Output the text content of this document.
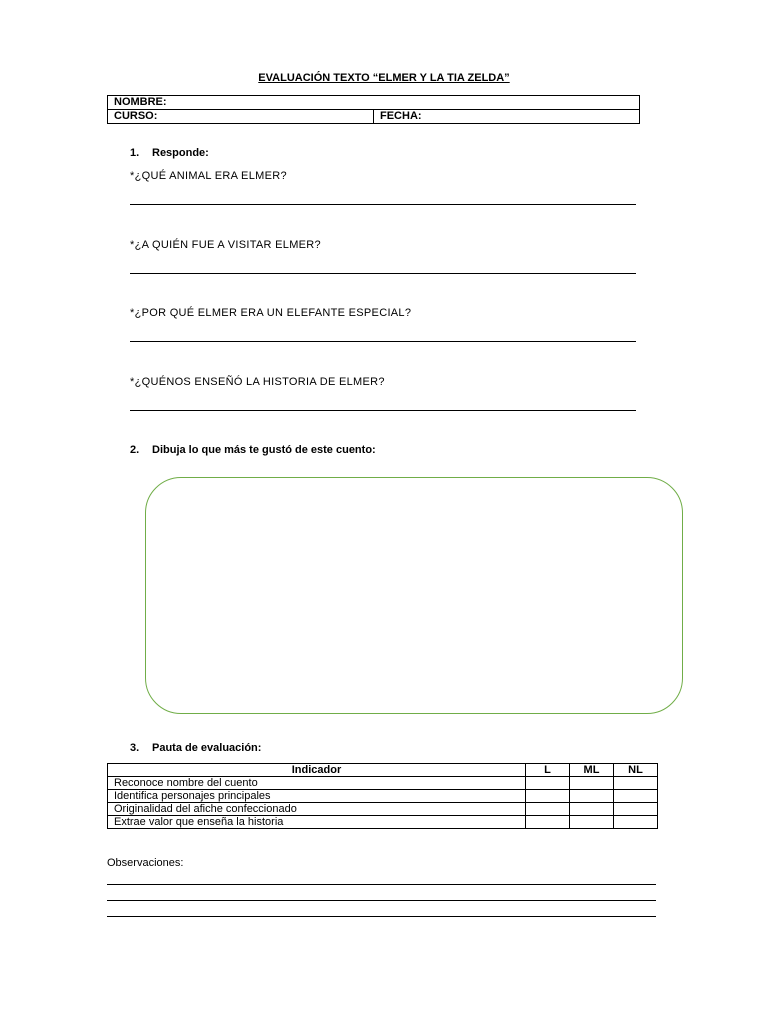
EVALUACIÓN TEXTO “ELMER Y LA TIA ZELDA”
NOMBRE:
CURSO:	FECHA:
1. Responde:
*¿QUÉ ANIMAL ERA ELMER?
*¿A QUIÉN FUE A VISITAR ELMER?
*¿POR QUÉ ELMER ERA UN ELEFANTE ESPECIAL?
*¿QUÉNOS ENSEÑÓ LA HISTORIA DE ELMER?
2. Dibuja lo que más te gustó de este cuento:
3. Pauta de evaluación:
Indicador	L	ML	NL
Reconoce nombre del cuento			
Identifica personajes principales			
Originalidad del afiche confeccionado			
Extrae valor que enseña la historia			
Observaciones:
